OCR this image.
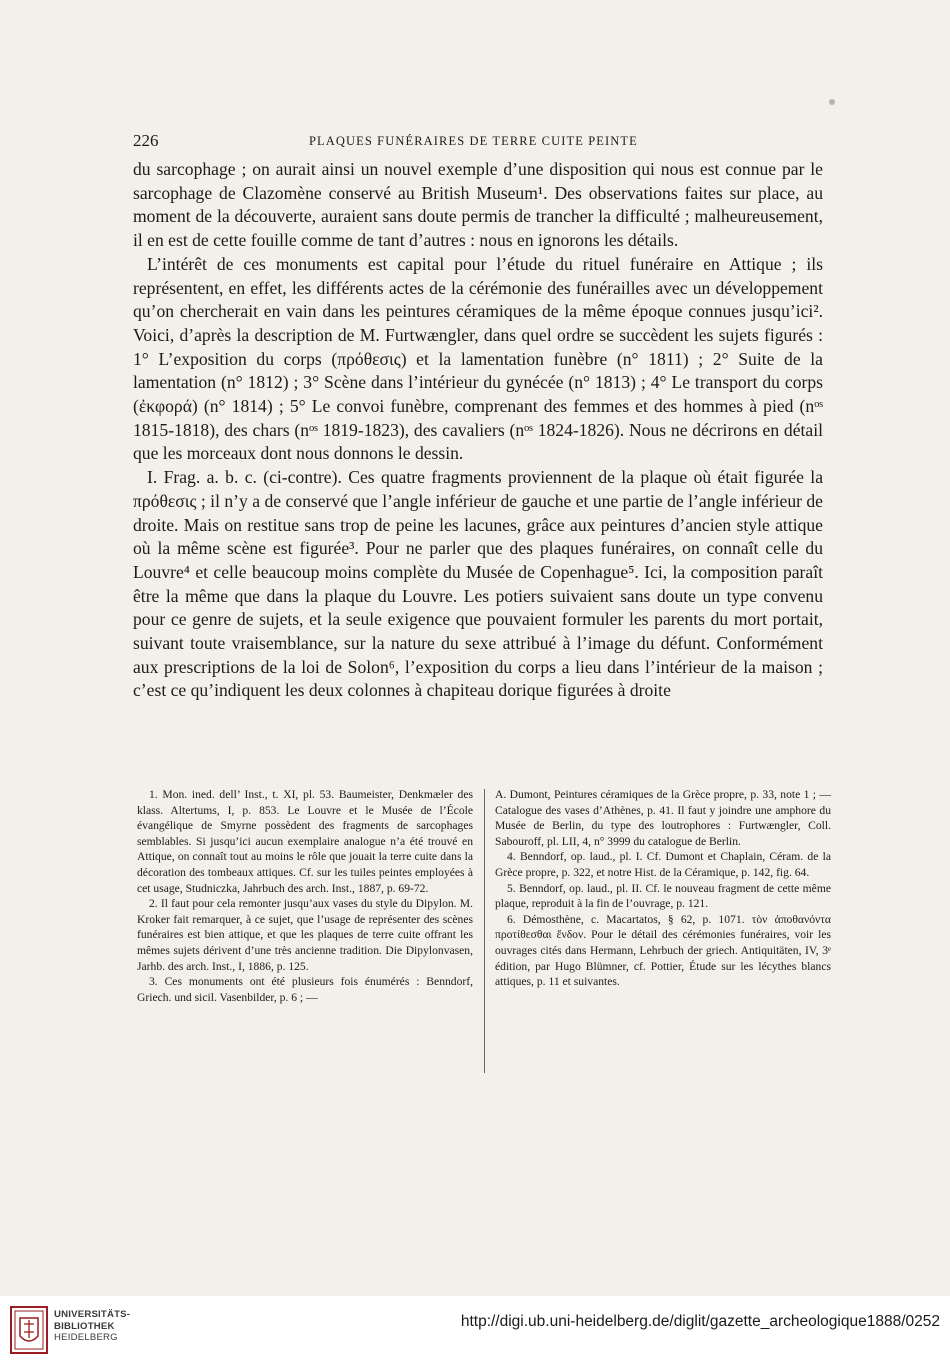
226	PLAQUES FUNÉRAIRES DE TERRE CUITE PEINTE

du sarcophage ; on aurait ainsi un nouvel exemple d’une disposition qui nous est connue par le sarcophage de Clazomène conservé au British Museum¹. Des observations faites sur place, au moment de la découverte, auraient sans doute permis de trancher la difficulté ; malheureusement, il en est de cette fouille comme de tant d’autres : nous en ignorons les détails.

L’intérêt de ces monuments est capital pour l’étude du rituel funéraire en Attique ; ils représentent, en effet, les différents actes de la cérémonie des funérailles avec un développement qu’on chercherait en vain dans les peintures céramiques de la même époque connues jusqu’ici². Voici, d’après la description de M. Furtwængler, dans quel ordre se succèdent les sujets figurés : 1° L’exposition du corps (πρόθεσις) et la lamentation funèbre (n° 1811) ; 2° Suite de la lamentation (n° 1812) ; 3° Scène dans l’intérieur du gynécée (n° 1813) ; 4° Le transport du corps (ἐκφορά) (n° 1814) ; 5° Le convoi funèbre, comprenant des femmes et des hommes à pied (nᵒˢ 1815-1818), des chars (nᵒˢ 1819-1823), des cavaliers (nᵒˢ 1824-1826). Nous ne décrirons en détail que les morceaux dont nous donnons le dessin.

I. Frag. a. b. c. (ci-contre). Ces quatre fragments proviennent de la plaque où était figurée la πρόθεσις ; il n’y a de conservé que l’angle inférieur de gauche et une partie de l’angle inférieur de droite. Mais on restitue sans trop de peine les lacunes, grâce aux peintures d’ancien style attique où la même scène est figurée³. Pour ne parler que des plaques funéraires, on connaît celle du Louvre⁴ et celle beaucoup moins complète du Musée de Copenhague⁵. Ici, la composition paraît être la même que dans la plaque du Louvre. Les potiers suivaient sans doute un type convenu pour ce genre de sujets, et la seule exigence que pouvaient formuler les parents du mort portait, suivant toute vraisemblance, sur la nature du sexe attribué à l’image du défunt. Conformément aux prescriptions de la loi de Solon⁶, l’exposition du corps a lieu dans l’intérieur de la maison ; c’est ce qu’indiquent les deux colonnes à chapiteau dorique figurées à droite

1. Mon. ined. dell’ Inst., t. XI, pl. 53. Baumeister, Denkmæler des klass. Altertums, I, p. 853. Le Louvre et le Musée de l’École évangélique de Smyrne possèdent des fragments de sarcophages semblables. Si jusqu’ici aucun exemplaire analogue n’a été trouvé en Attique, on connaît tout au moins le rôle que jouait la terre cuite dans la décoration des tombeaux attiques. Cf. sur les tuiles peintes employées à cet usage, Studniczka, Jahrbuch des arch. Inst., 1887, p. 69-72.

2. Il faut pour cela remonter jusqu’aux vases du style du Dipylon. M. Kroker fait remarquer, à ce sujet, que l’usage de représenter des scènes funéraires est bien attique, et que les plaques de terre cuite offrant les mêmes sujets dérivent d’une très ancienne tradition. Die Dipylonvasen, Jarhb. des arch. Inst., I, 1886, p. 125.

3. Ces monuments ont été plusieurs fois énumérés : Benndorf, Griech. und sicil. Vasenbilder, p. 6 ; —

A. Dumont, Peintures céramiques de la Grèce propre, p. 33, note 1 ; — Catalogue des vases d’Athènes, p. 41. Il faut y joindre une amphore du Musée de Berlin, du type des loutrophores : Furtwængler, Coll. Sabouroff, pl. LII, 4, n° 3999 du catalogue de Berlin.

4. Benndorf, op. laud., pl. I. Cf. Dumont et Chaplain, Céram. de la Grèce propre, p. 322, et notre Hist. de la Céramique, p. 142, fig. 64.

5. Benndorf, op. laud., pl. II. Cf. le nouveau fragment de cette même plaque, reproduit à la fin de l’ouvrage, p. 121.

6. Démosthène, c. Macartatos, § 62, p. 1071. τὸν ἀποθανόντα προτίθεσθαι ἔνδον. Pour le détail des cérémonies funéraires, voir les ouvrages cités dans Hermann, Lehrbuch der griech. Antiquitäten, IV, 3ᵉ édition, par Hugo Blümner, cf. Pottier, Étude sur les lécythes blancs attiques, p. 11 et suivantes.

UNIVERSITÄTS-
BIBLIOTHEK
HEIDELBERG
http://digi.ub.uni-heidelberg.de/diglit/gazette_archeologique1888/0252
